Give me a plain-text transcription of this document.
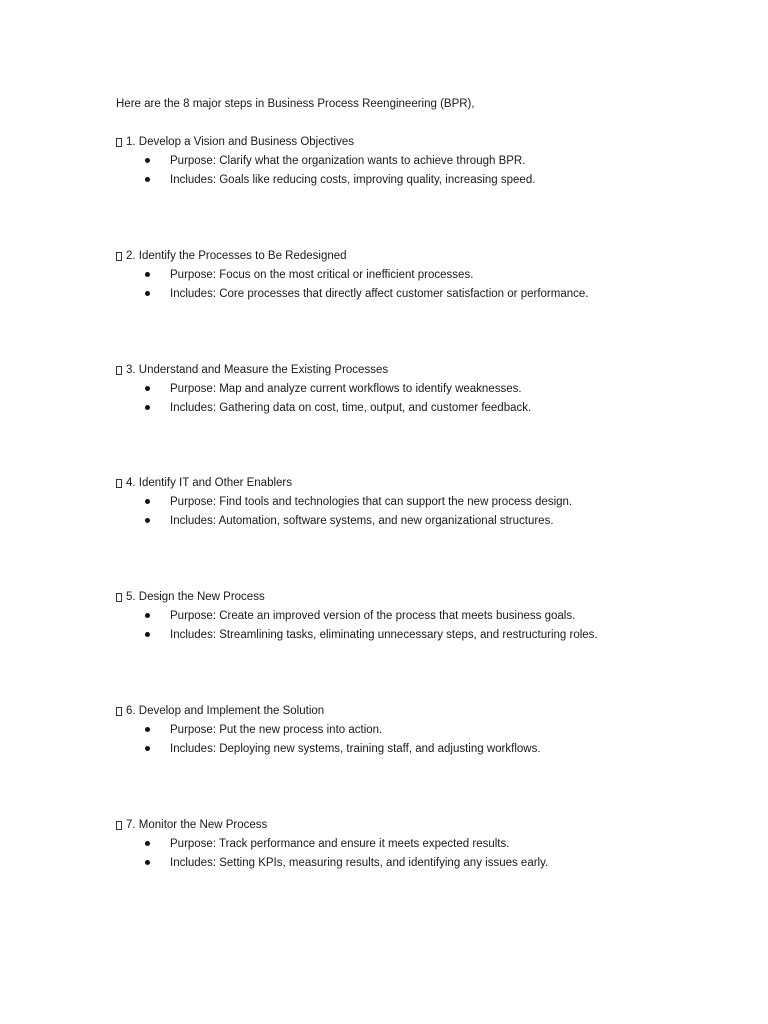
Here are the 8 major steps in Business Process Reengineering (BPR),
1. Develop a Vision and Business Objectives
Purpose: Clarify what the organization wants to achieve through BPR.
Includes: Goals like reducing costs, improving quality, increasing speed.
2. Identify the Processes to Be Redesigned
Purpose: Focus on the most critical or inefficient processes.
Includes: Core processes that directly affect customer satisfaction or performance.
3. Understand and Measure the Existing Processes
Purpose: Map and analyze current workflows to identify weaknesses.
Includes: Gathering data on cost, time, output, and customer feedback.
4. Identify IT and Other Enablers
Purpose: Find tools and technologies that can support the new process design.
Includes: Automation, software systems, and new organizational structures.
5. Design the New Process
Purpose: Create an improved version of the process that meets business goals.
Includes: Streamlining tasks, eliminating unnecessary steps, and restructuring roles.
6. Develop and Implement the Solution
Purpose: Put the new process into action.
Includes: Deploying new systems, training staff, and adjusting workflows.
7. Monitor the New Process
Purpose: Track performance and ensure it meets expected results.
Includes: Setting KPIs, measuring results, and identifying any issues early.
